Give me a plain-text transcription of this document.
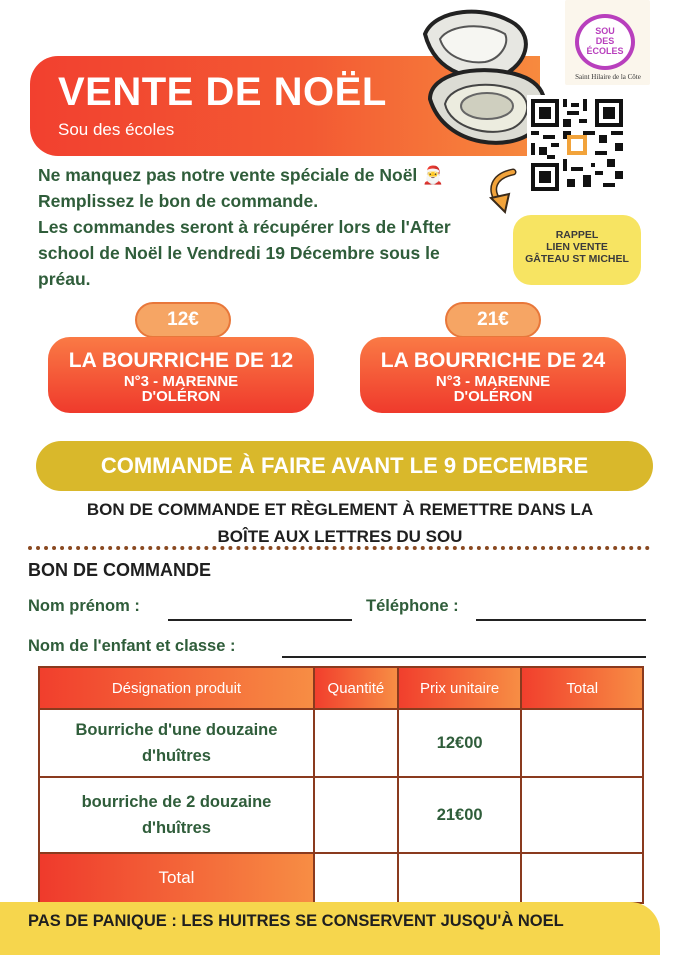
VENTE DE NOËL
Sou des écoles
SOU
DES
ÉCOLES
Saint Hilaire de la Côte
Ne manquez pas notre vente spéciale de Noël 🎅
Remplissez le bon de commande.
Les commandes seront à récupérer lors de l'After
school de Noël le Vendredi 19 Décembre sous le
préau.
RAPPEL
LIEN VENTE
GÂTEAU ST MICHEL
12€	21€
LA BOURRICHE DE 12
N°3 - MARENNE
D'OLÉRON
LA BOURRICHE DE 24
N°3 - MARENNE
D'OLÉRON
COMMANDE À FAIRE AVANT LE 9 DECEMBRE
BON DE COMMANDE ET RÈGLEMENT À REMETTRE DANS LA
BOÎTE AUX LETTRES DU SOU
BON DE COMMANDE
Nom prénom :	Téléphone :
Nom de l'enfant et classe :
Désignation produit	Quantité	Prix unitaire	Total

Bourriche d'une douzaine
d'huîtres		12€00	

bourriche de 2 douzaine
d'huîtres		21€00	
Total			
PAS DE PANIQUE : LES HUITRES SE CONSERVENT JUSQU'À NOEL
